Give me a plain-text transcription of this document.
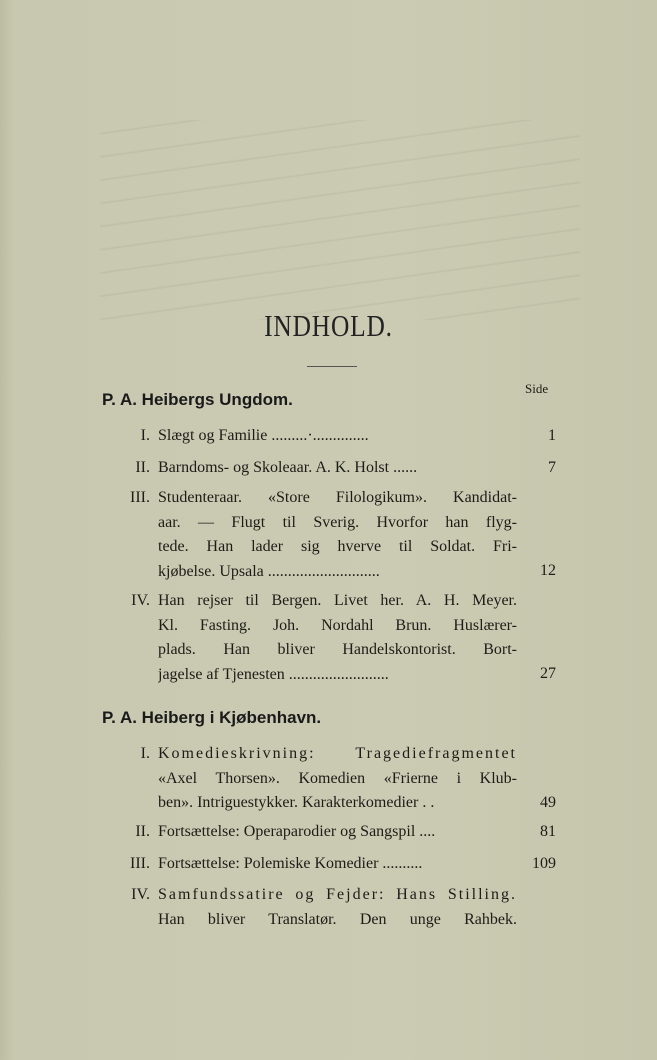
INDHOLD.
Side
P. A. Heibergs Ungdom.
I. Slægt og Familie .........·..............	1
II. Barndoms- og Skoleaar. A. K. Holst ......	7
III. Studenteraar. «Store Filologikum». Kandidat-
aar. — Flugt til Sverig. Hvorfor han flyg-
tede. Han lader sig hverve til Soldat. Fri-
kjøbelse. Upsala ............................	12
IV. Han rejser til Bergen. Livet her. A. H. Meyer.
Kl. Fasting. Joh. Nordahl Brun. Huslærer-
plads. Han bliver Handelskontorist. Bort-
jagelse af Tjenesten .........................	27
P. A. Heiberg i Kjøbenhavn.
I. Komedieskrivning: Tragediefragmentet
«Axel Thorsen». Komedien «Frierne i Klub-
ben». Intriguestykker. Karakterkomedier . .	49
II. Fortsættelse: Operaparodier og Sangspil ....	81
III. Fortsættelse: Polemiske Komedier ..........	109
IV. Samfundssatire og Fejder: Hans Stilling.
Han bliver Translatør. Den unge Rahbek.
